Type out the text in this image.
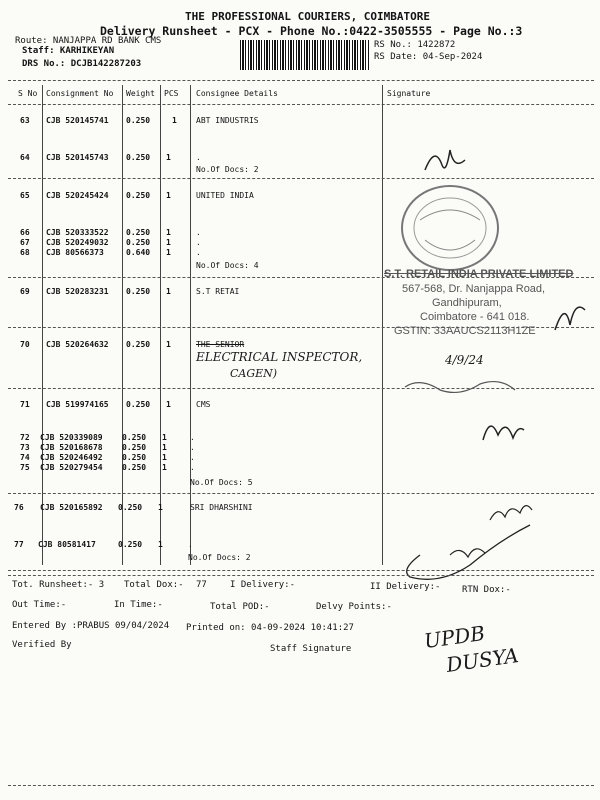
THE PROFESSIONAL COURIERS, COIMBATORE
Delivery Runsheet - PCX - Phone No.:0422-3505555 - Page No.:3
Route: NANJAPPA RD BANK CMS
Staff: KARHIKEYAN
DRS No.: DCJB142287203
RS No.: 1422872
RS Date: 04-Sep-2024
S No Consignment No Weight PCS Consignee Details	Signature
63 CJB 520145741 0.250	1 ABT INDUSTRIS
64 CJB 520145743 0.250 1	.
No.Of Docs: 2
65 CJB 520245424 0.250 1	UNITED INDIA
66 CJB 520333522 0.250 1	.
67 CJB 520249032 0.250 1	.
68 CJB 80566373	0.640 1	.
No.Of Docs: 4
69 CJB 520283231 0.250 1	S.T RETAI
70 CJB 520264632 0.250 1	THE SENIOR
ELECTRICAL INSPECTOR,
CAGEN)
71 CJB 519974165 0.250 1	CMS
72 CJB 520339089 0.250 1	.
73 CJB 520168678 0.250 1	.
74 CJB 520246492 0.250 1	.
75 CJB 520279454 0.250 1	.
No.Of Docs: 5
76 CJB 520165892 0.250 1	SRI DHARSHINI
77 CJB 80581417	0.250 1	.
No.Of Docs: 2
S.T. RETAIL INDIA PRIVATE LIMITED
567-568, Dr. Nanjappa Road,
Gandhipuram,
Coimbatore - 641 018.
GSTIN: 33AAUCS2113H1ZE
4/9/24
Tot. Runsheet:- 3 Total Dox:- 77	I Delivery:-	II Delivery:- RTN Dox:-
Out Time:-	In Time:-	Total POD:-	Delvy Points:-
Entered By :PRABUS 09/04/2024 Printed on: 04-09-2024 10:41:27
Verified By	Staff Signature	UPDB
DUSYA
